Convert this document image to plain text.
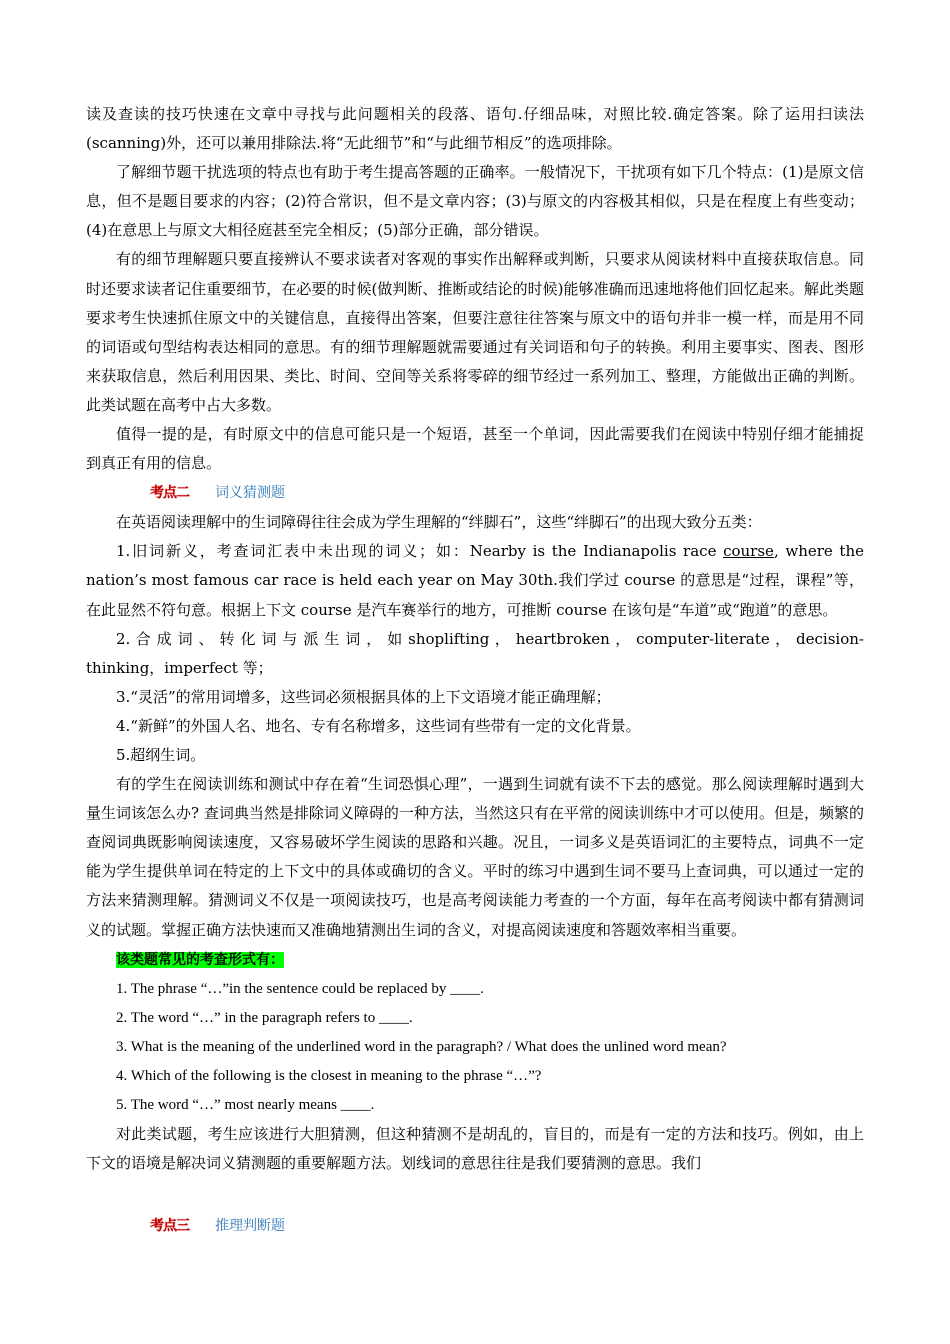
读及查读的技巧快速在文章中寻找与此问题相关的段落、语句.仔细品味，对照比较.确定答案。除了运用扫读法(scanning)外，还可以兼用排除法.将“无此细节”和“与此细节相反”的选项排除。

了解细节题干扰选项的特点也有助于考生提高答题的正确率。一般情况下，干扰项有如下几个特点：(1)是原文信息，但不是题目要求的内容；(2)符合常识，但不是文章内容；(3)与原文的内容极其相似，只是在程度上有些变动；(4)在意思上与原文大相径庭甚至完全相反；(5)部分正确，部分错误。

有的细节理解题只要直接辨认不要求读者对客观的事实作出解释或判断，只要求从阅读材料中直接获取信息。同时还要求读者记住重要细节，在必要的时候(做判断、推断或结论的时候)能够准确而迅速地将他们回忆起来。解此类题要求考生快速抓住原文中的关键信息，直接得出答案，但要注意往往答案与原文中的语句并非一模一样，而是用不同的词语或句型结构表达相同的意思。有的细节理解题就需要通过有关词语和句子的转换。利用主要事实、图表、图形来获取信息，然后利用因果、类比、时间、空间等关系将零碎的细节经过一系列加工、整理，方能做出正确的判断。此类试题在高考中占大多数。

值得一提的是，有时原文中的信息可能只是一个短语，甚至一个单词，因此需要我们在阅读中特别仔细才能捕捉到真正有用的信息。

考点二 词义猜测题

在英语阅读理解中的生词障碍往往会成为学生理解的“绊脚石”，这些“绊脚石”的出现大致分五类：

1.旧词新义，考查词汇表中未出现的词义；如：Nearby is the Indianapolis race course, where the nation’s most famous car race is held each year on May 30th.我们学过 course 的意思是“过程，课程”等，在此显然不符句意。根据上下文 course 是汽车赛举行的地方，可推断 course 在该句是“车道”或“跑道”的意思。

2. 合 成 词 、 转 化 词 与 派 生 词 ， 如 shoplifting ， heartbroken ， computer-literate ， decision-

thinking，imperfect 等；

3.“灵活”的常用词增多，这些词必须根据具体的上下文语境才能正确理解；

4.“新鲜”的外国人名、地名、专有名称增多，这些词有些带有一定的文化背景。

5.超纲生词。

有的学生在阅读训练和测试中存在着“生词恐惧心理”，一遇到生词就有读不下去的感觉。那么阅读理解时遇到大量生词该怎么办? 查词典当然是排除词义障碍的一种方法，当然这只有在平常的阅读训练中才可以使用。但是，频繁的查阅词典既影响阅读速度，又容易破坏学生阅读的思路和兴趣。况且，一词多义是英语词汇的主要特点，词典不一定能为学生提供单词在特定的上下文中的具体或确切的含义。平时的练习中遇到生词不要马上查词典，可以通过一定的方法来猜测理解。猜测词义不仅是一项阅读技巧，也是高考阅读能力考查的一个方面，每年在高考阅读中都有猜测词义的试题。掌握正确方法快速而又准确地猜测出生词的含义，对提高阅读速度和答题效率相当重要。

该类题常见的考查形式有：

1. The phrase “…”in the sentence could be replaced by ____.

2. The word “…” in the paragraph refers to ____.

3. What is the meaning of the underlined word in the paragraph? / What does the unlined word mean?

4. Which of the following is the closest in meaning to the phrase “…”?

5. The word “…” most nearly means ____.

对此类试题，考生应该进行大胆猜测，但这种猜测不是胡乱的，盲目的，而是有一定的方法和技巧。例如，由上下文的语境是解决词义猜测题的重要解题方法。划线词的意思往往是我们要猜测的意思。我们

考点三 推理判断题
